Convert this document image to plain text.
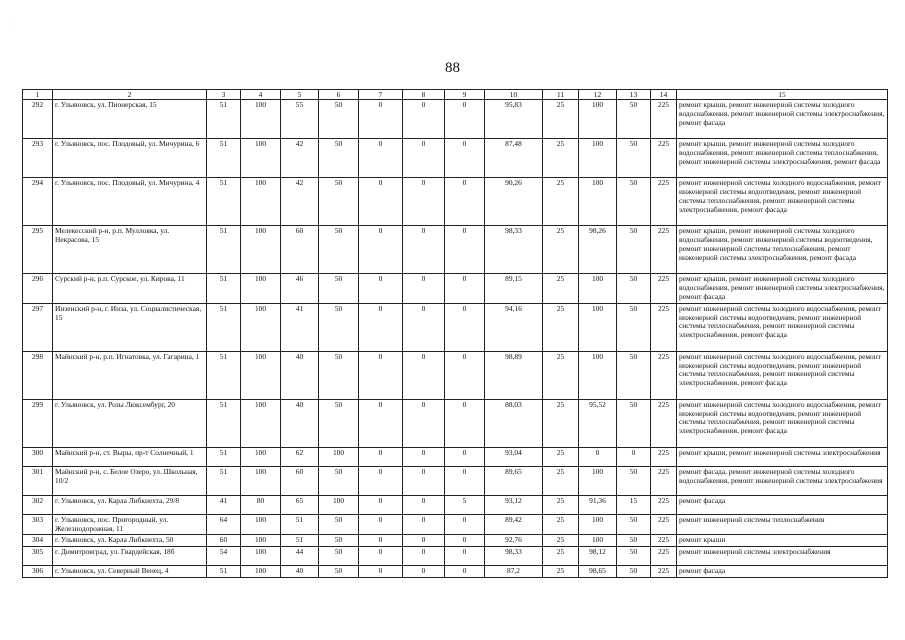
88
1	2	3	4	5	6	7	8	9	10	11	12	13	14	15
292	г. Ульяновск, ул. Пионерская, 15	51	100	55	50	0	0	0	95,83	25	100	50	225	ремонт крыши, ремонт инженерной системы холодного водоснабжения, ремонт инженерной системы электроснабжения, ремонт фасада
293	г. Ульяновск, пос. Плодовый, ул. Мичурина, 6	51	100	42	50	0	0	0	87,48	25	100	50	225	ремонт крыши, ремонт инженерной системы холодного водоснабжения, ремонт инженерной системы теплоснабжения, ремонт инженерной системы электроснабжения, ремонт фасада
294	г. Ульяновск, пос. Плодовый, ул. Мичурина, 4	51	100	42	50	0	0	0	90,26	25	100	50	225	ремонт инженерной системы холодного водоснабжения, ремонт инженерной системы водоотведения, ремонт инженерной системы теплоснабжения, ремонт инженерной системы электроснабжения, ремонт фасада
295	Мелекесский р-н, р.п. Мулловка, ул. Некрасова, 15	51	100	60	50	0	0	0	98,33	25	98,26	50	225	ремонт крыши, ремонт инженерной системы холодного водоснабжения, ремонт инженерной системы водоотведения, ремонт инженерной системы теплоснабжения, ремонт инженерной системы электроснабжения, ремонт фасада
296	Сурский р-н, р.п. Сурское, ул. Кирова, 11	51	100	46	50	0	0	0	89,15	25	100	50	225	ремонт крыши, ремонт инженерной системы холодного водоснабжения, ремонт инженерной системы электроснабжения, ремонт фасада
297	Инзенский р-н, г. Инза, ул. Социалистическая, 15	51	100	41	50	0	0	0	94,16	25	100	50	225	ремонт инженерной системы холодного водоснабжения, ремонт инженерной системы водоотведения, ремонт инженерной системы теплоснабжения, ремонт инженерной системы электроснабжения, ремонт фасада
298	Майнский р-н, р.п. Игнатовка, ул. Гагарина, 1	51	100	40	50	0	0	0	98,89	25	100	50	225	ремонт инженерной системы холодного водоснабжения, ремонт инженерной системы водоотведения, ремонт инженерной системы теплоснабжения, ремонт инженерной системы электроснабжения, ремонт фасада
299	г. Ульяновск, ул. Розы Люксембург, 20	51	100	40	50	0	0	0	88,03	25	95,52	50	225	ремонт инженерной системы холодного водоснабжения, ремонт инженерной системы водоотведения, ремонт инженерной системы теплоснабжения, ремонт инженерной системы электроснабжения, ремонт фасада
300	Майнский р-н, ст. Выры, пр-т Солнечный, 1	51	100	62	100	0	0	0	93,04	25	0	0	225	ремонт крыши, ремонт инженерной системы электроснабжения
301	Майнский р-н, с. Белое Озеро, ул. Школьная, 10/2	51	100	60	50	0	0	0	89,65	25	100	50	225	ремонт фасада, ремонт инженерной системы холодного водоснабжения, ремонт инженерной системы электроснабжения
302	г. Ульяновск, ул. Карла Либкнехта, 29/8	41	80	65	100	0	0	5	93,12	25	91,36	15	225	ремонт фасада
303	г. Ульяновск, пос. Пригородный, ул. Железнодорожная, 11	64	100	51	50	0	0	0	89,42	25	100	50	225	ремонт инженерной системы теплоснабжения
304	г. Ульяновск, ул. Карла Либкнехта, 50	60	100	51	50	0	0	0	92,76	25	100	50	225	ремонт крыши
305	г. Димитровград, ул. Гвардейская, 18б	54	100	44	50	0	0	0	98,33	25	98,12	50	225	ремонт инженерной системы электроснабжения
306	г. Ульяновск, ул. Северный Венец, 4	51	100	40	50	0	0	0	87,2	25	98,65	50	225	ремонт фасада
·
